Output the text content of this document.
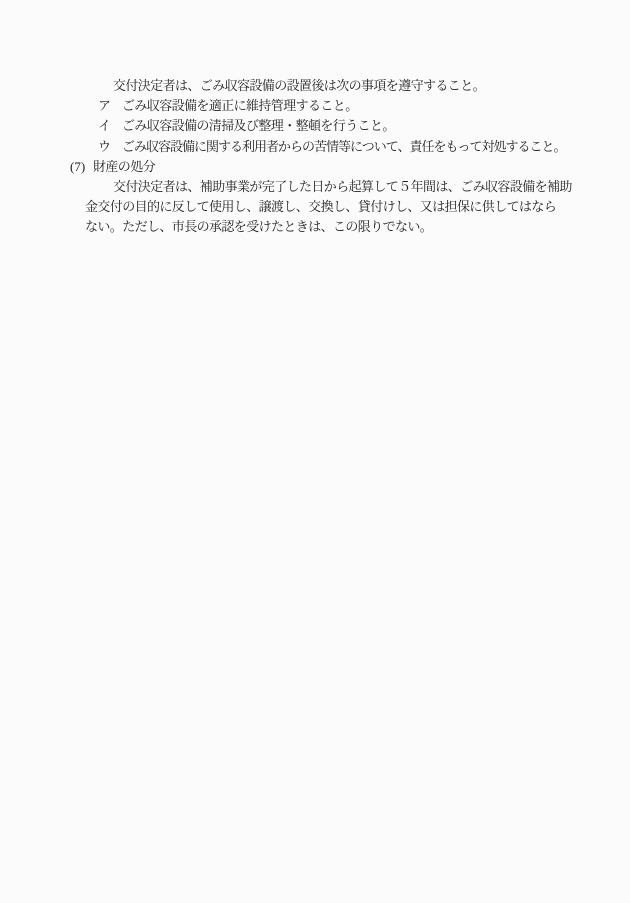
交付決定者は、ごみ収容設備の設置後は次の事項を遵守すること。
ア ごみ収容設備を適正に維持管理すること。
イ ごみ収容設備の清掃及び整理・整頓を行うこと。
ウ ごみ収容設備に関する利用者からの苦情等について、責任をもって対処すること。
(7) 財産の処分
交付決定者は、補助事業が完了した日から起算して５年間は、ごみ収容設備を補助
金交付の目的に反して使用し、譲渡し、交換し、貸付けし、又は担保に供してはなら
ない。ただし、市長の承認を受けたときは、この限りでない。
